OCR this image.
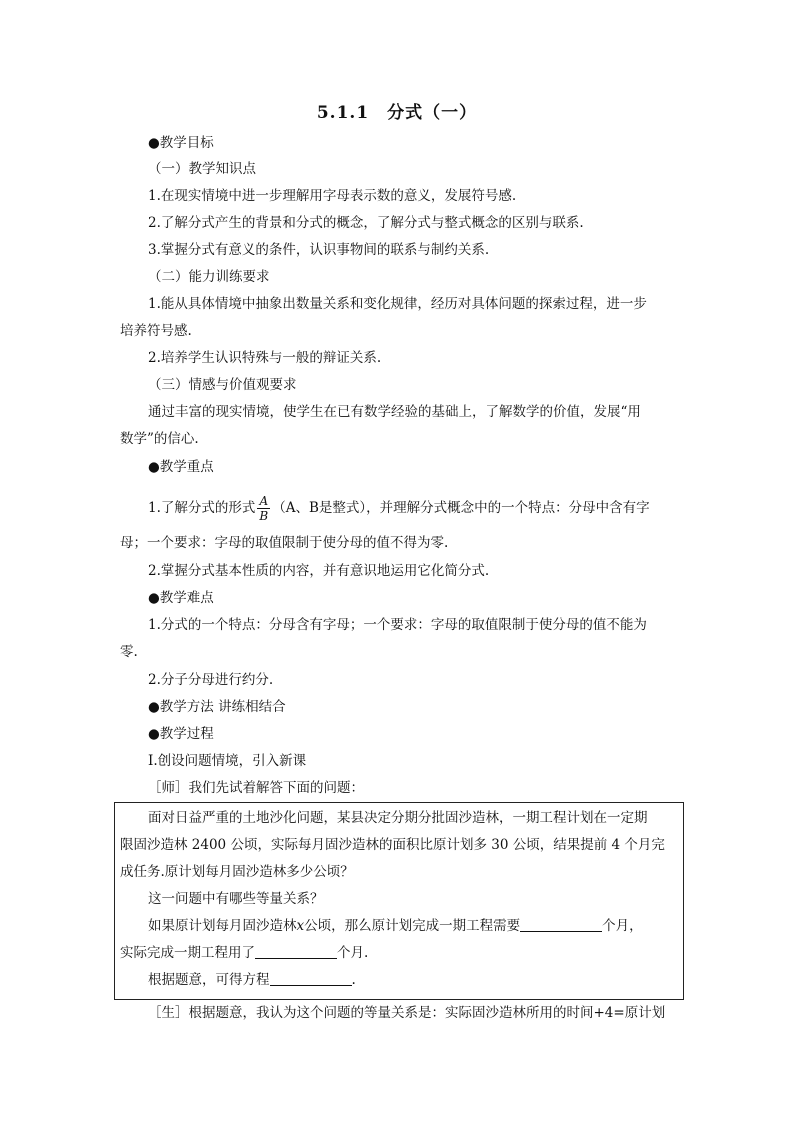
5.1.1　分式（一）
●教学目标
（一）教学知识点
1.在现实情境中进一步理解用字母表示数的意义，发展符号感.
2.了解分式产生的背景和分式的概念，了解分式与整式概念的区别与联系.
3.掌握分式有意义的条件，认识事物间的联系与制约关系.
（二）能力训练要求
1.能从具体情境中抽象出数量关系和变化规律，经历对具体问题的探索过程，进一步
培养符号感.
2.培养学生认识特殊与一般的辩证关系.
（三）情感与价值观要求
通过丰富的现实情境，使学生在已有数学经验的基础上，了解数学的价值，发展“用
数学”的信心.
●教学重点
1.了解分式的形式 $\frac{A}{B} (A$、B是整式），并理解分式概念中的一个特点：分母中含有字
母；一个要求：字母的取值限制于使分母的值不得为零.
2.掌握分式基本性质的内容，并有意识地运用它化简分式.
●教学难点
1.分式的一个特点：分母含有字母；一个要求：字母的取值限制于使分母的值不能为
零.
2.分子分母进行约分.
●教学方法 讲练相结合
●教学过程
Ⅰ.创设问题情境，引入新课
［师］我们先试着解答下面的问题：
面对日益严重的土地沙化问题，某县决定分期分批固沙造林，一期工程计划在一定期
限固沙造林 2400 公顷，实际每月固沙造林的面积比原计划多 30 公顷，结果提前 4 个月完
成任务.原计划每月固沙造林多少公顷？
这一问题中有哪些等量关系？
如果原计划每月固沙造林x公顷，那么原计划完成一期工程需要	个月，
实际完成一期工程用了	个月.
根据题意，可得方程	.
［生］根据题意，我认为这个问题的等量关系是：实际固沙造林所用的时间+4=原计划
